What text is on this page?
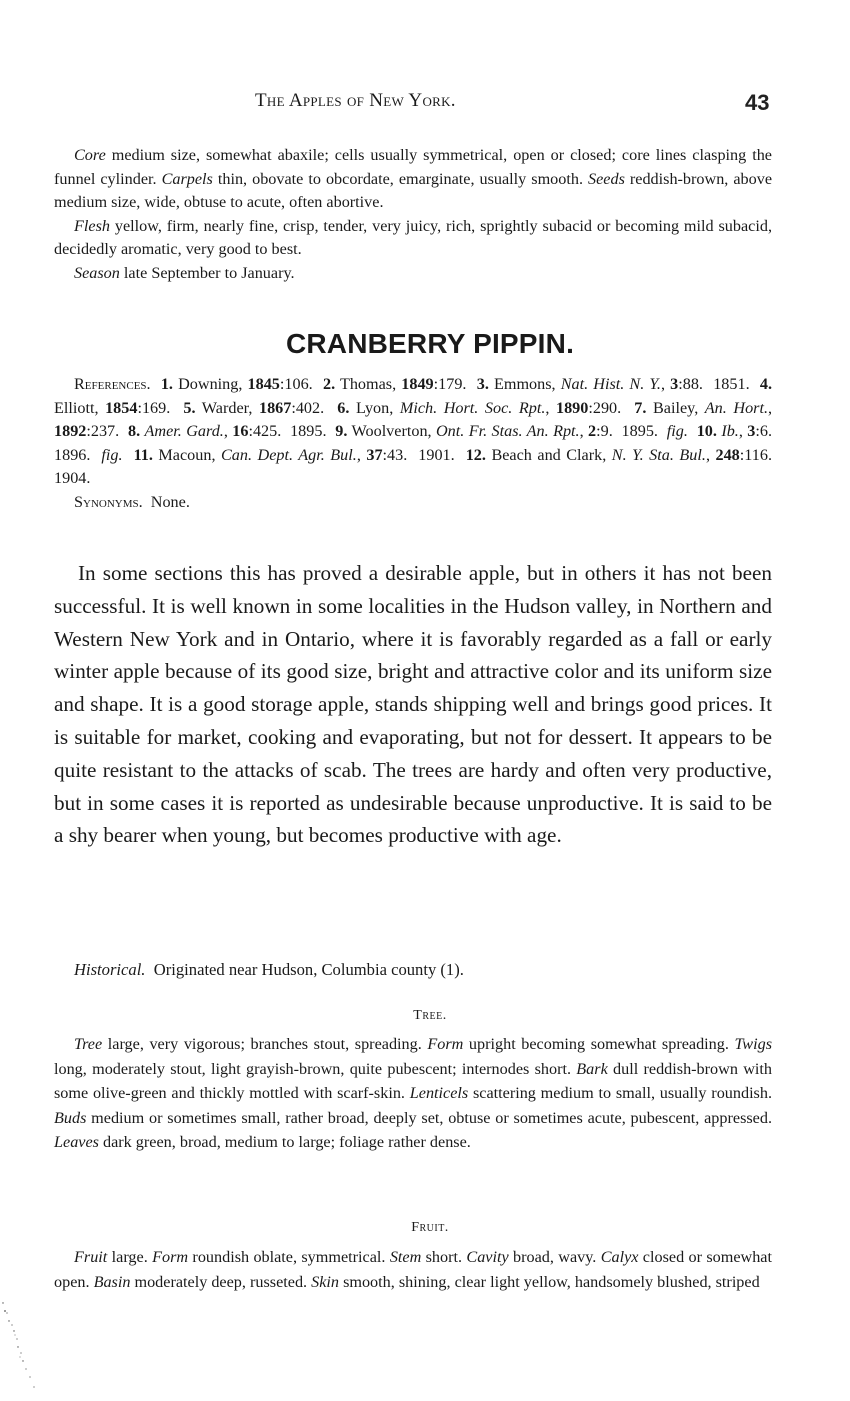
The Apples of New York.	43

Core medium size, somewhat abaxile; cells usually symmetrical, open or closed; core lines clasping the funnel cylinder. Carpels thin, obovate to obcordate, emarginate, usually smooth. Seeds reddish-brown, above medium size, wide, obtuse to acute, often abortive.

Flesh yellow, firm, nearly fine, crisp, tender, very juicy, rich, sprightly subacid or becoming mild subacid, decidedly aromatic, very good to best.

Season late September to January.

CRANBERRY PIPPIN.

References. 1. Downing, 1845:106.  2. Thomas, 1849:179.  3. Emmons, Nat. Hist. N. Y., 3:88.  1851.  4. Elliott, 1854:169.  5. Warder, 1867:402.  6. Lyon, Mich. Hort. Soc. Rpt., 1890:290.  7. Bailey, An. Hort., 1892:237.  8. Amer. Gard., 16:425.  1895.  9. Woolverton, Ont. Fr. Stas. An. Rpt., 2:9.  1895.  fig. 10. Ib., 3:6.  1896.  fig. 11. Macoun, Can. Dept. Agr. Bul., 37:43.  1901.  12. Beach and Clark, N. Y. Sta. Bul., 248:116.  1904.

Synonyms.  None.

In some sections this has proved a desirable apple, but in others it has not been successful. It is well known in some localities in the Hudson valley, in Northern and Western New York and in Ontario, where it is favorably regarded as a fall or early winter apple because of its good size, bright and attractive color and its uniform size and shape. It is a good storage apple, stands shipping well and brings good prices. It is suitable for market, cooking and evaporating, but not for dessert. It appears to be quite resistant to the attacks of scab. The trees are hardy and often very productive, but in some cases it is reported as undesirable because unproductive. It is said to be a shy bearer when young, but becomes productive with age.

Historical.  Originated near Hudson, Columbia county (1).

Tree.

Tree large, very vigorous; branches stout, spreading. Form upright becoming somewhat spreading. Twigs long, moderately stout, light grayish-brown, quite pubescent; internodes short. Bark dull reddish-brown with some olive-green and thickly mottled with scarf-skin. Lenticels scattering medium to small, usually roundish. Buds medium or sometimes small, rather broad, deeply set, obtuse or sometimes acute, pubescent, appressed. Leaves dark green, broad, medium to large; foliage rather dense.

Fruit.

Fruit large. Form roundish oblate, symmetrical. Stem short. Cavity broad, wavy. Calyx closed or somewhat open. Basin moderately deep, russeted. Skin smooth, shining, clear light yellow, handsomely blushed, striped
